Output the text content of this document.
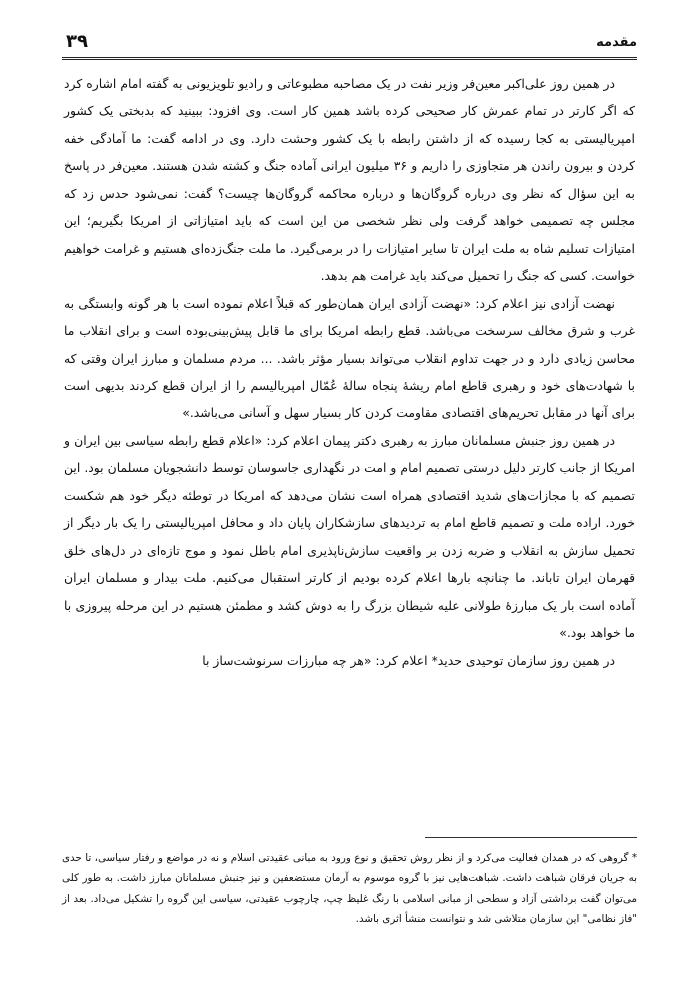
مقدمه
۳۹

در همین روز علی‌اکبر معین‌فر وزیر نفت در یک مصاحبه مطبوعاتی و رادیو تلویزیونی به گفته امام اشاره کرد که اگر کارتر در تمام عمرش کار صحیحی کرده باشد همین کار است. وی افزود: ببینید که بدبختی یک کشور امپریالیستی به کجا رسیده که از داشتن رابطه با یک کشور وحشت دارد. وی در ادامه گفت: ما آمادگی خفه کردن و بیرون راندن هر متجاوزی را داریم و ۳۶ میلیون ایرانی آماده جنگ و کشته شدن هستند. معین‌فر در پاسخ به این سؤال که نظر وی درباره گروگان‌ها و درباره محاکمه گروگان‌ها چیست؟ گفت: نمی‌شود حدس زد که مجلس چه تصمیمی خواهد گرفت ولی نظر شخصی من این است که باید امتیازاتی از امریکا بگیریم؛ این امتیازات تسلیم شاه به ملت ایران تا سایر امتیازات را در برمی‌گیرد. ما ملت جنگ‌زده‌ای هستیم و غرامت خواهیم خواست. کسی که جنگ را تحمیل می‌کند باید غرامت هم بدهد.

نهضت آزادی نیز اعلام کرد: «نهضت آزادی ایران همان‌طور که قبلاً اعلام نموده است با هر گونه وابستگی به غرب و شرق مخالف سرسخت می‌باشد. قطع رابطه امریکا برای ما قابل پیش‌بینی‌بوده است و برای انقلاب ما محاسن زیادی دارد و در جهت تداوم انقلاب می‌تواند بسیار مؤثر باشد. ... مردم مسلمان و مبارز ایران وقتی که با شهادت‌های خود و رهبری قاطع امام ریشهٔ پنجاه سالهٔ عُمّال امپریالیسم را از ایران قطع کردند بدیهی است برای آنها در مقابل تحریم‌های اقتصادی مقاومت کردن کار بسیار سهل و آسانی می‌باشد.»

در همین روز جنبش مسلمانان مبارز به رهبری دکتر پیمان اعلام کرد: «اعلام قطع رابطه سیاسی بین ایران و امریکا از جانب کارتر دلیل درستی تصمیم امام و امت در نگهداری جاسوسان توسط دانشجویان مسلمان بود. این تصمیم که با مجازات‌های شدید اقتصادی همراه است نشان می‌دهد که امریکا در توطئه دیگر خود هم شکست خورد. اراده ملت و تصمیم قاطع امام به تردیدهای سازشکاران پایان داد و محافل امپریالیستی را یک بار دیگر از تحمیل سازش به انقلاب و ضربه زدن بر واقعیت سازش‌ناپذیری امام باطل نمود و موج تازه‌ای در دل‌های خلق قهرمان ایران تاباند. ما چنانچه بارها اعلام کرده بودیم از کارتر استقبال می‌کنیم. ملت بیدار و مسلمان ایران آماده است بار یک مبارزهٔ طولانی علیه شیطان بزرگ را به دوش کشد و مطمئن هستیم در این مرحله پیروزی با ما خواهد بود.»

در همین روز سازمان توحیدی حدید* اعلام کرد: «هر چه مبارزات سرنوشت‌ساز با

* گروهی که در همدان فعالیت می‌کرد و از نظر روش تحقیق و نوع ورود به مبانی عقیدتی اسلام و نه در مواضع و رفتار سیاسی، تا حدی به جریان فرقان شباهت داشت. شباهت‌هایی نیز با گروه موسوم به آرمان مستضعفین و نیز جنبش مسلمانان مبارز داشت. به طور کلی می‌توان گفت برداشتی آزاد و سطحی از مبانی اسلامی با رنگ غلیظ چپ، چارچوب عقیدتی، سیاسی این گروه را تشکیل می‌داد. بعد از "فاز نظامی" این سازمان متلاشی شد و نتوانست منشأ اثری باشد.
